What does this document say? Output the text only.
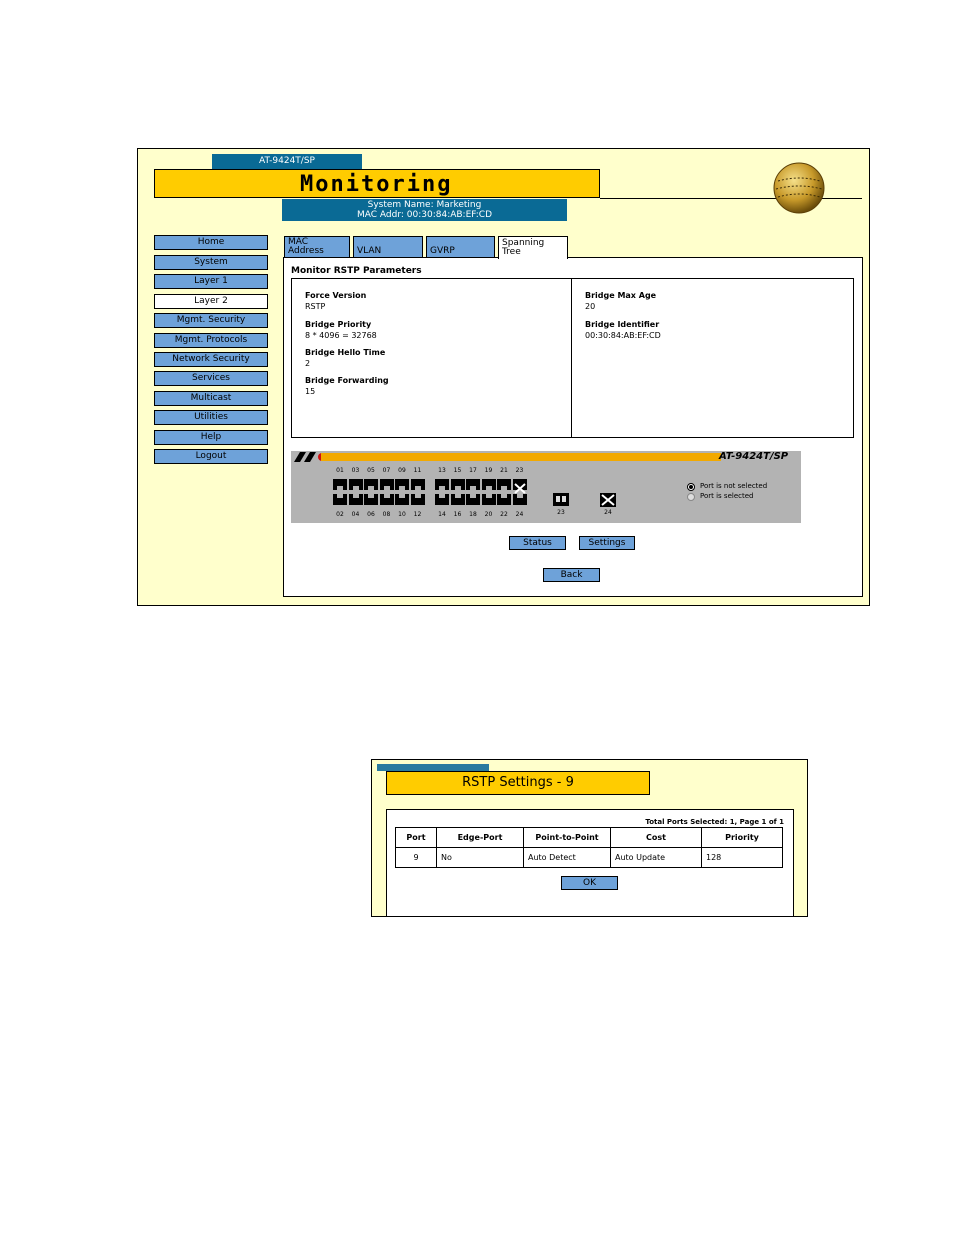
AT-9424T/SP
Monitoring
System Name: Marketing
MAC Addr: 00:30:84:AB:EF:CD
Home
System
Layer 1
Layer 2
Mgmt. Security
Mgmt. Protocols
Network Security
Services
Multicast
Utilities
Help
Logout
MAC Address	VLAN	GVRP
Spanning Tree
Monitor RSTP Parameters
Force Version
RSTP
Bridge Priority
8 * 4096 = 32768
Bridge Hello Time
2
Bridge Forwarding
15
Bridge Max Age
20
Bridge Identifier
00:30:84:AB:EF:CD
AT-9424T/SP
01
02
03
04
05
06
07
08
09
10
11
12
13
14
15
16
17
18
19
20
21
22
23
24	23	24
Port is not selected
Port is selected
Status	Settings
Back
RSTP Settings - 9
Total Ports Selected: 1, Page 1 of 1
Port	Edge-Port	Point-to-Point	Cost	Priority
9	No	Auto Detect	Auto Update	128
OK
